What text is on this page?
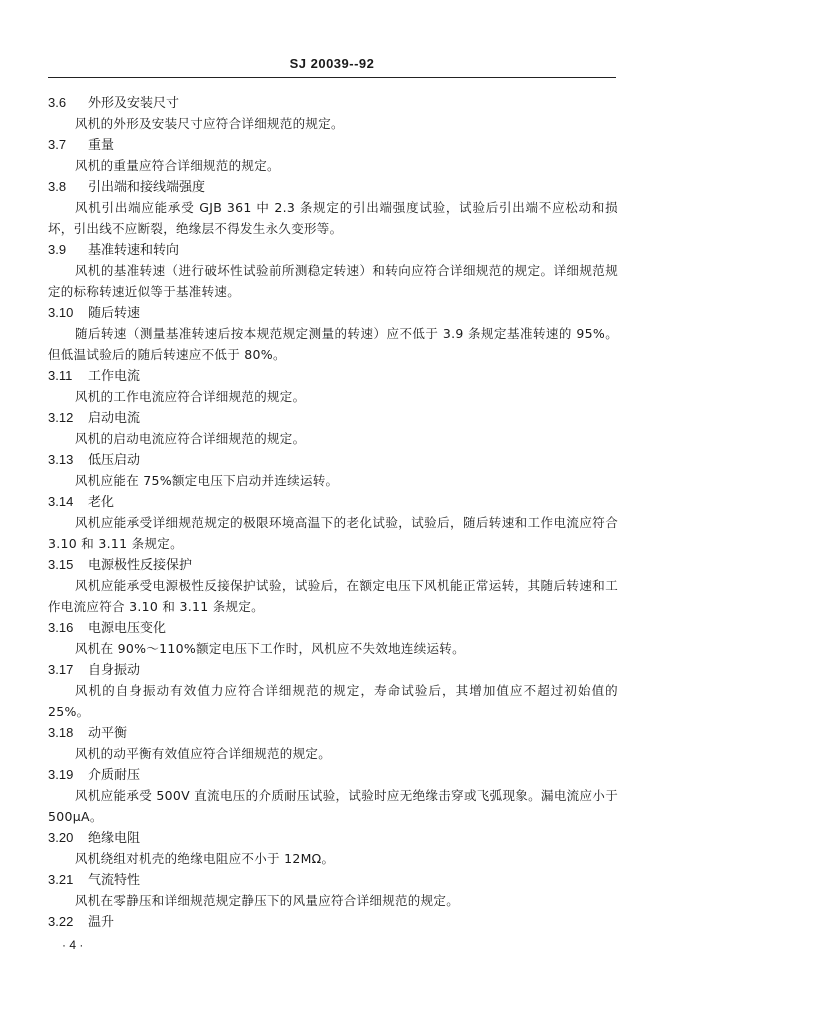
SJ 20039--92
3.6 外形及安装尺寸
风机的外形及安装尺寸应符合详细规范的规定。
3.7 重量
风机的重量应符合详细规范的规定。
3.8 引出端和接线端强度
风机引出端应能承受 GJB 361 中 2.3 条规定的引出端强度试验，试验后引出端不应松动和损坏，引出线不应断裂，绝缘层不得发生永久变形等。
3.9 基准转速和转向
风机的基准转速（进行破坏性试验前所测稳定转速）和转向应符合详细规范的规定。详细规范规定的标称转速近似等于基准转速。
3.10 随后转速
随后转速（测量基准转速后按本规范规定测量的转速）应不低于 3.9 条规定基准转速的 95%。但低温试验后的随后转速应不低于 80%。
3.11 工作电流
风机的工作电流应符合详细规范的规定。
3.12 启动电流
风机的启动电流应符合详细规范的规定。
3.13 低压启动
风机应能在 75%额定电压下启动并连续运转。
3.14 老化
风机应能承受详细规范规定的极限环境高温下的老化试验，试验后，随后转速和工作电流应符合 3.10 和 3.11 条规定。
3.15 电源极性反接保护
风机应能承受电源极性反接保护试验，试验后，在额定电压下风机能正常运转，其随后转速和工作电流应符合 3.10 和 3.11 条规定。
3.16 电源电压变化
风机在 90%～110%额定电压下工作时，风机应不失效地连续运转。
3.17 自身振动
风机的自身振动有效值力应符合详细规范的规定，寿命试验后，其增加值应不超过初始值的 25%。
3.18 动平衡
风机的动平衡有效值应符合详细规范的规定。
3.19 介质耐压
风机应能承受 500V 直流电压的介质耐压试验，试验时应无绝缘击穿或飞弧现象。漏电流应小于 500μA。
3.20 绝缘电阻
风机绕组对机壳的绝缘电阻应不小于 12MΩ。
3.21 气流特性
风机在零静压和详细规范规定静压下的风量应符合详细规范的规定。
3.22 温升
· 4 ·
